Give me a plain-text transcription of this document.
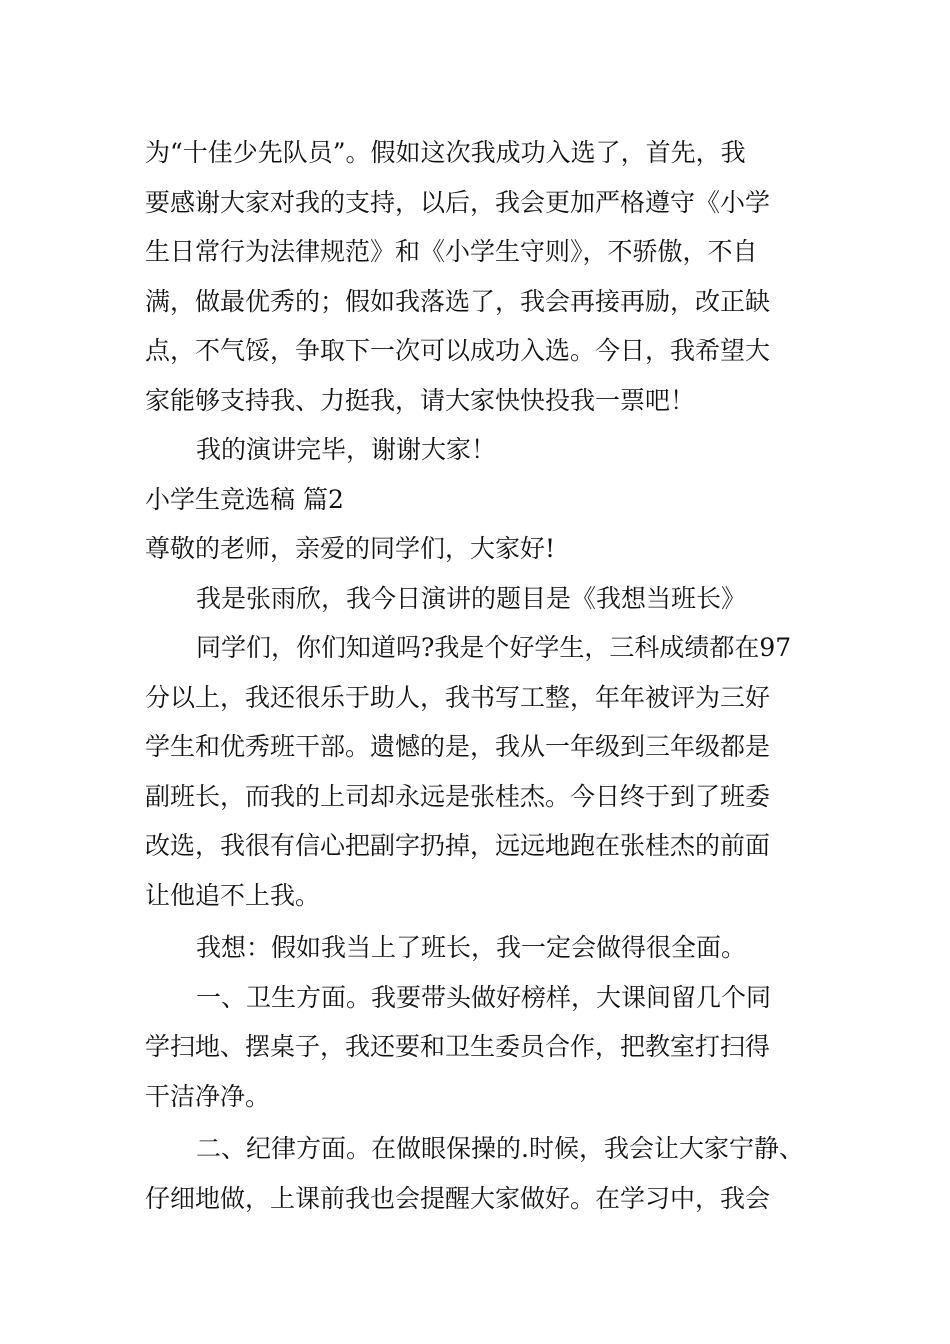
为“十佳少先队员”。假如这次我成功入选了，首先，我
要感谢大家对我的支持，以后，我会更加严格遵守《小学
生日常行为法律规范》和《小学生守则》，不骄傲，不自
满，做最优秀的；假如我落选了，我会再接再励，改正缺
点，不气馁，争取下一次可以成功入选。今日，我希望大
家能够支持我、力挺我，请大家快快投我一票吧！
我的演讲完毕，谢谢大家！
小学生竞选稿 篇2
尊敬的老师，亲爱的同学们，大家好!
我是张雨欣，我今日演讲的题目是《我想当班长》
同学们，你们知道吗?我是个好学生，三科成绩都在97
分以上，我还很乐于助人，我书写工整，年年被评为三好
学生和优秀班干部。遗憾的是，我从一年级到三年级都是
副班长，而我的上司却永远是张桂杰。今日终于到了班委
改选，我很有信心把副字扔掉，远远地跑在张桂杰的前面
让他追不上我。
我想：假如我当上了班长，我一定会做得很全面。
一、卫生方面。我要带头做好榜样，大课间留几个同
学扫地、摆桌子，我还要和卫生委员合作，把教室打扫得
干洁净净。
二、纪律方面。在做眼保操的.时候，我会让大家宁静、
仔细地做，上课前我也会提醒大家做好。在学习中，我会
